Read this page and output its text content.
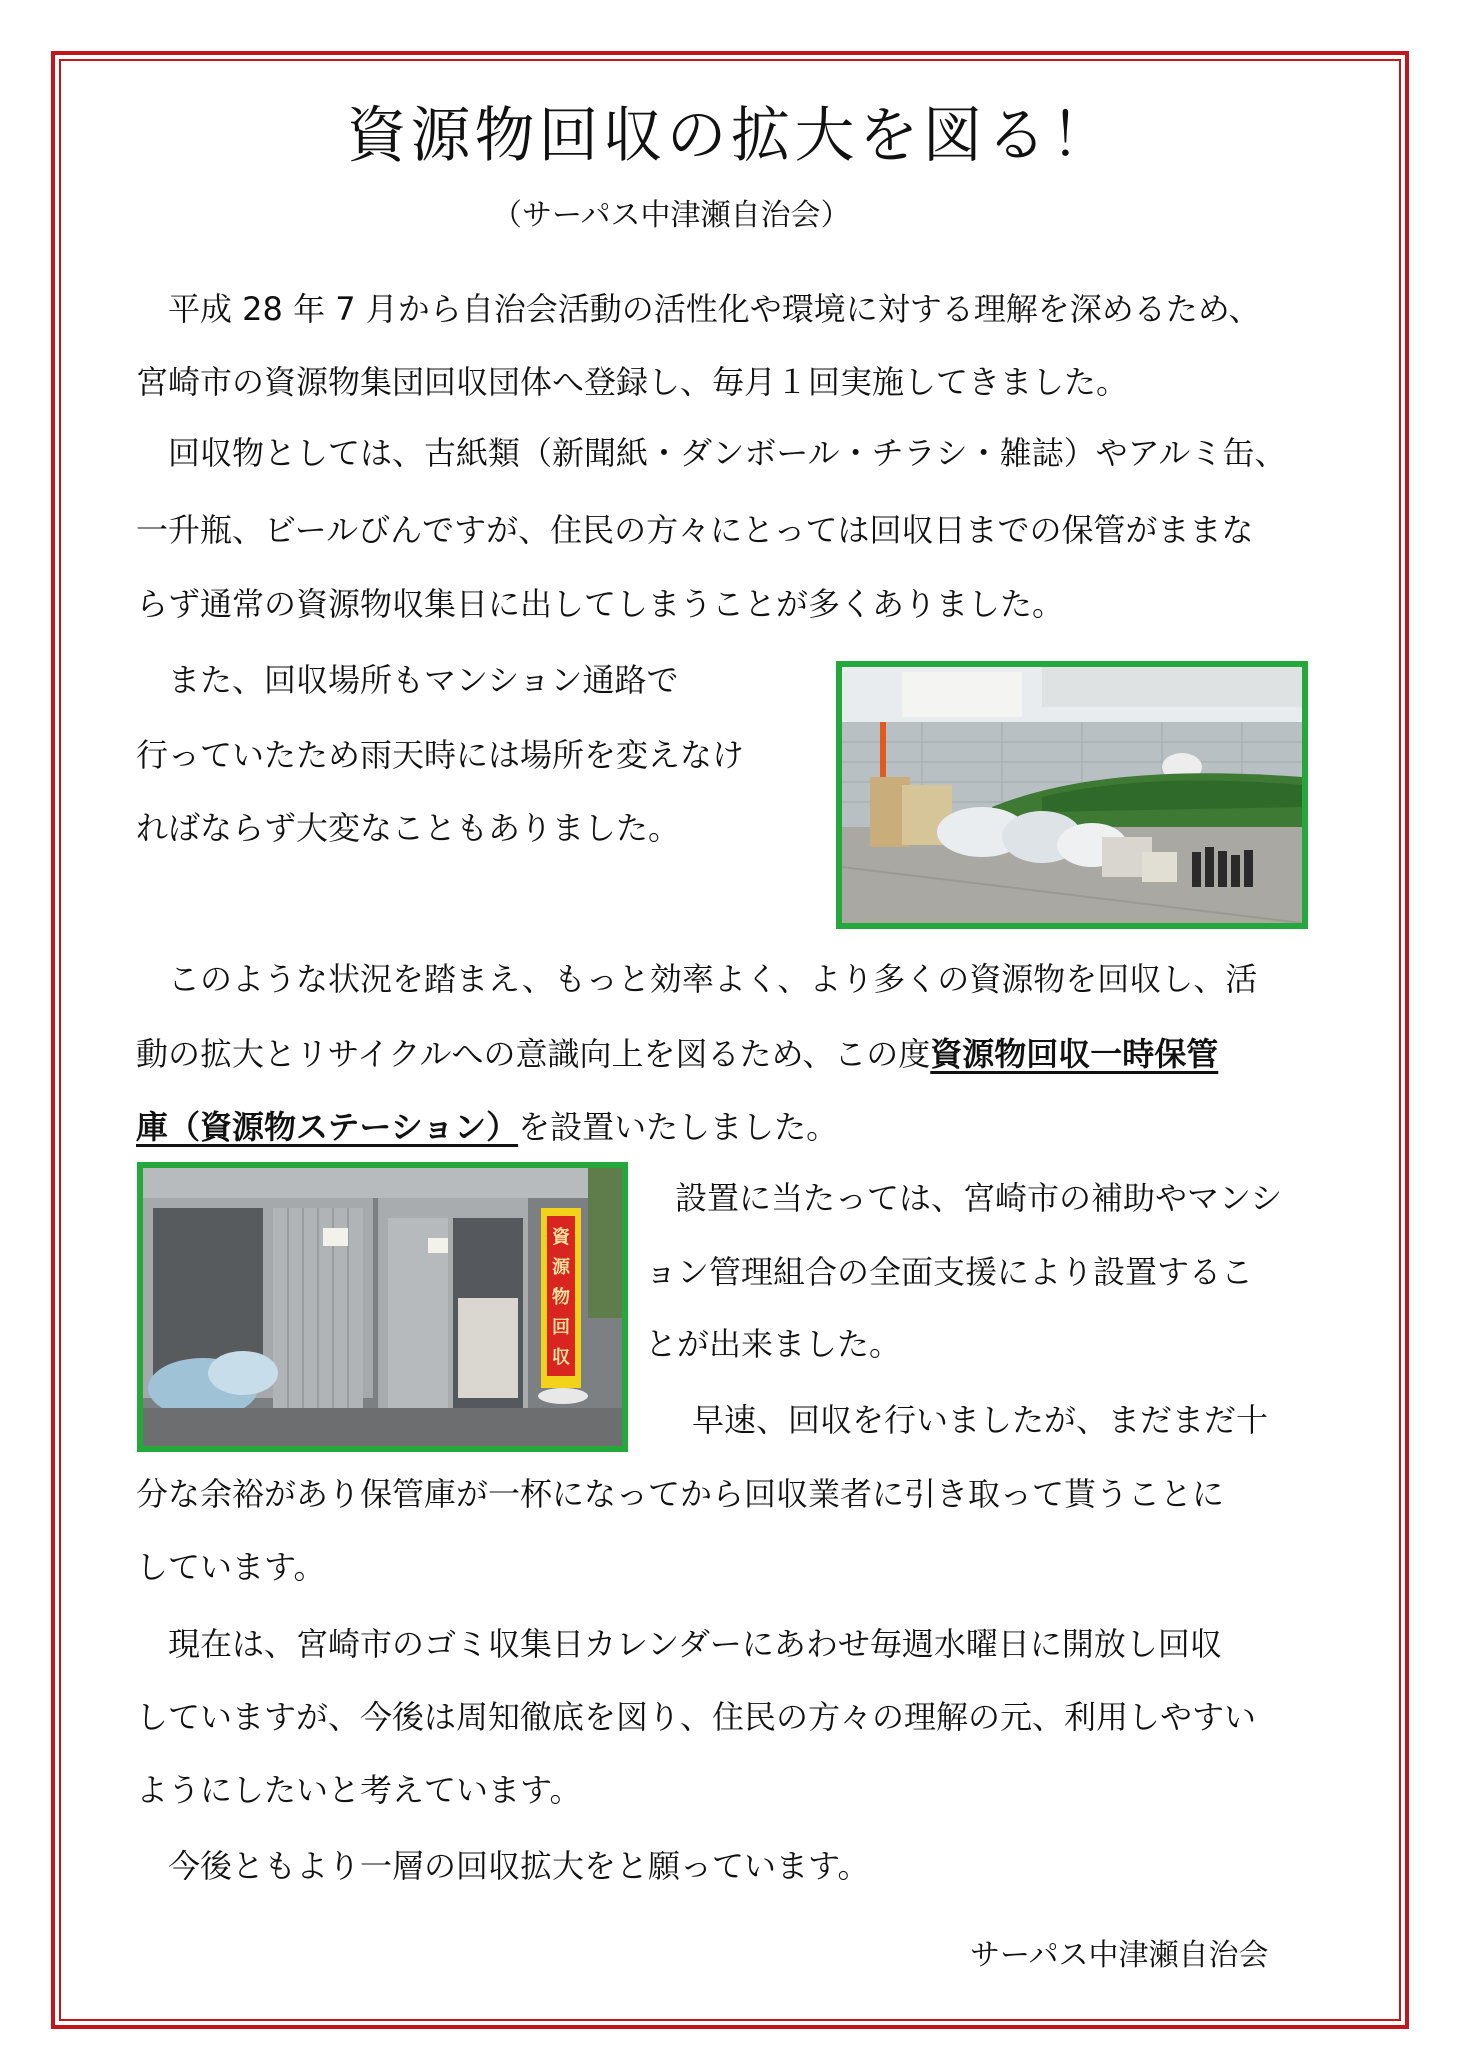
資源物回収の拡大を図る！
（サーパス中津瀬自治会）
平成 28 年 7 月から自治会活動の活性化や環境に対する理解を深めるため、
宮崎市の資源物集団回収団体へ登録し、毎月１回実施してきました。
回収物としては、古紙類（新聞紙・ダンボール・チラシ・雑誌）やアルミ缶、
一升瓶、ビールびんですが、住民の方々にとっては回収日までの保管がままな
らず通常の資源物収集日に出してしまうことが多くありました。
また、回収場所もマンション通路で
行っていたため雨天時には場所を変えなけ
ればならず大変なこともありました。
このような状況を踏まえ、もっと効率よく、より多くの資源物を回収し、活
動の拡大とリサイクルへの意識向上を図るため、この度資源物回収一時保管
庫（資源物ステーション）を設置いたしました。
資
源
物
回
収
設置に当たっては、宮崎市の補助やマンシ
ョン管理組合の全面支援により設置するこ
とが出来ました。
早速、回収を行いましたが、まだまだ十
分な余裕があり保管庫が一杯になってから回収業者に引き取って貰うことに
しています。
現在は、宮崎市のゴミ収集日カレンダーにあわせ毎週水曜日に開放し回収
していますが、今後は周知徹底を図り、住民の方々の理解の元、利用しやすい
ようにしたいと考えています。
今後ともより一層の回収拡大をと願っています。
サーパス中津瀬自治会
